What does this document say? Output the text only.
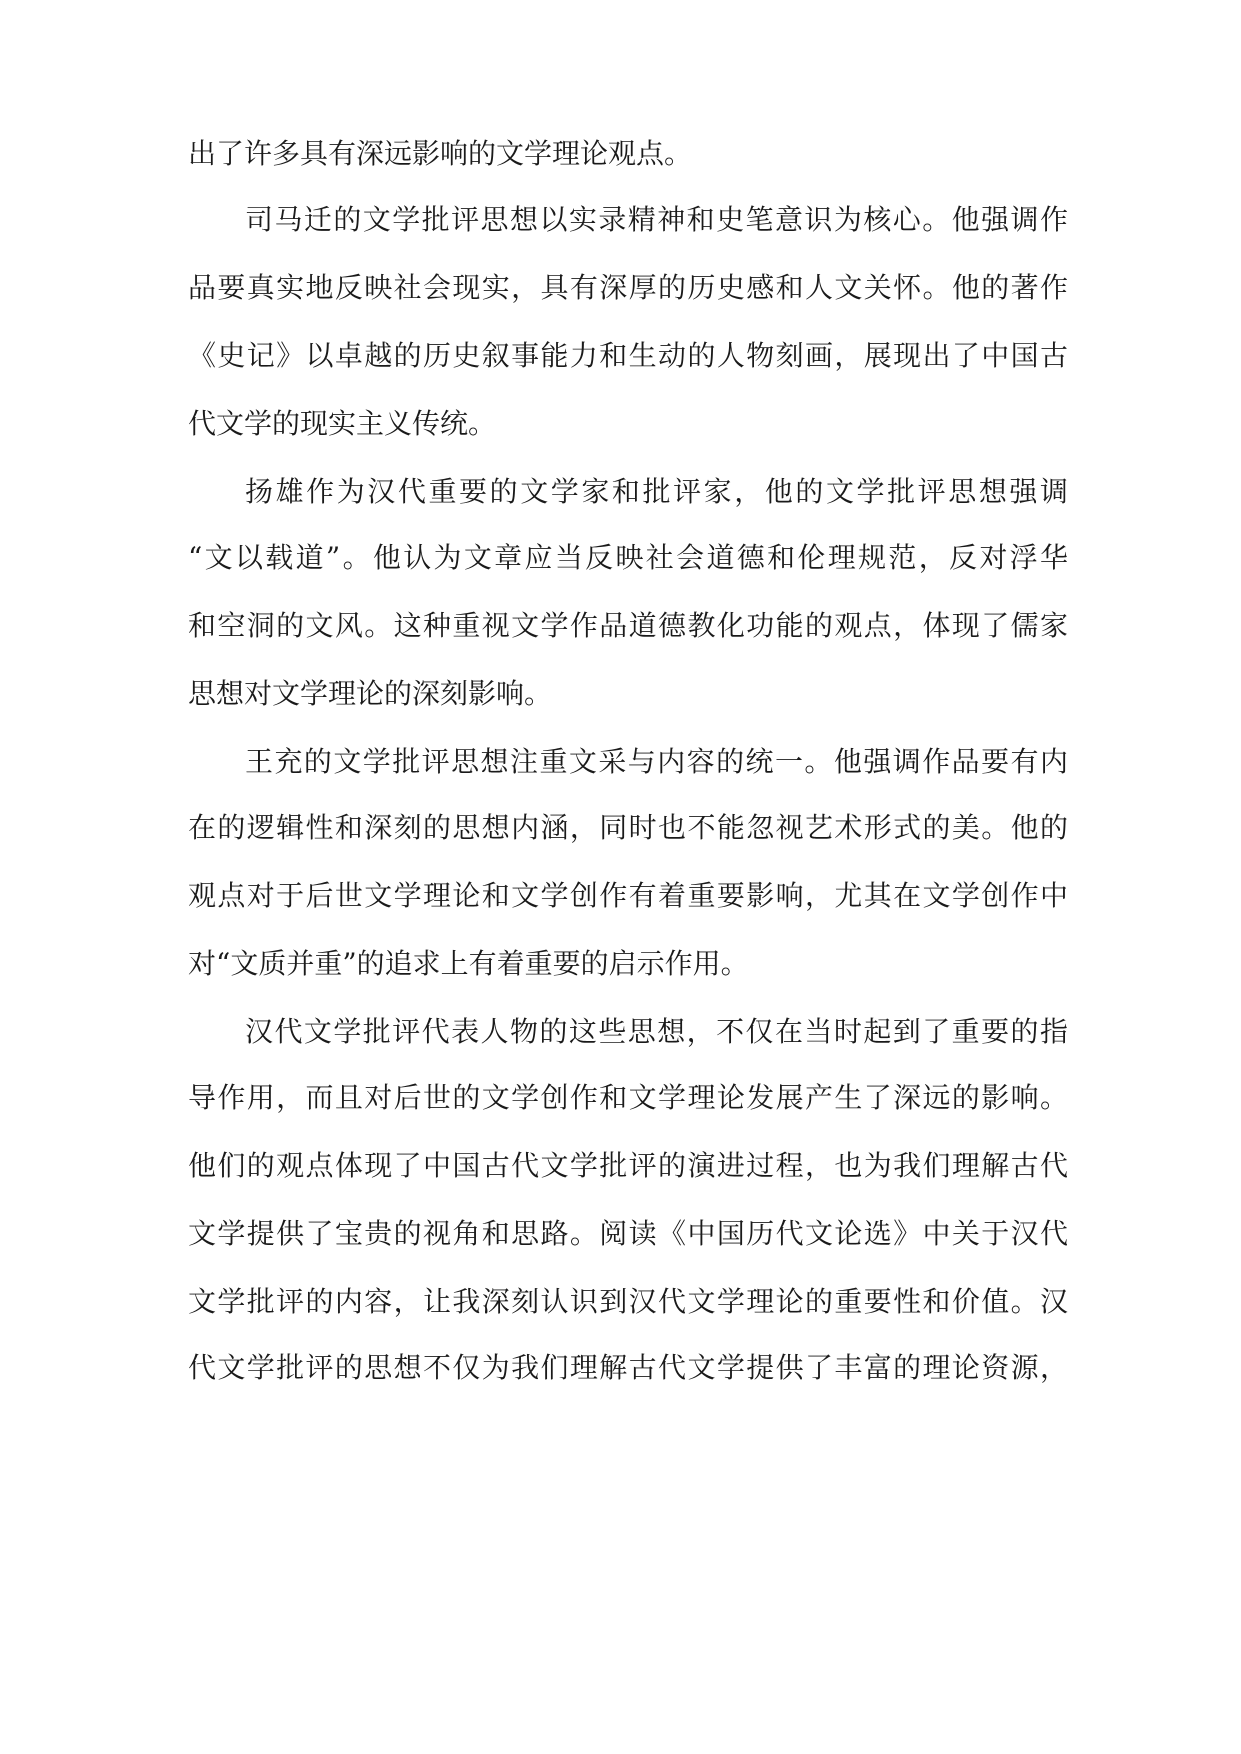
出了许多具有深远影响的文学理论观点。

司马迁的文学批评思想以实录精神和史笔意识为核心。他强调作

品要真实地反映社会现实，具有深厚的历史感和人文关怀。他的著作

《史记》以卓越的历史叙事能力和生动的人物刻画，展现出了中国古

代文学的现实主义传统。

扬雄作为汉代重要的文学家和批评家，他的文学批评思想强调

“文以载道”。他认为文章应当反映社会道德和伦理规范，反对浮华

和空洞的文风。这种重视文学作品道德教化功能的观点，体现了儒家

思想对文学理论的深刻影响。

王充的文学批评思想注重文采与内容的统一。他强调作品要有内

在的逻辑性和深刻的思想内涵，同时也不能忽视艺术形式的美。他的

观点对于后世文学理论和文学创作有着重要影响，尤其在文学创作中

对“文质并重”的追求上有着重要的启示作用。

汉代文学批评代表人物的这些思想，不仅在当时起到了重要的指

导作用，而且对后世的文学创作和文学理论发展产生了深远的影响。

他们的观点体现了中国古代文学批评的演进过程，也为我们理解古代

文学提供了宝贵的视角和思路。阅读《中国历代文论选》中关于汉代

文学批评的内容，让我深刻认识到汉代文学理论的重要性和价值。汉

代文学批评的思想不仅为我们理解古代文学提供了丰富的理论资源，
